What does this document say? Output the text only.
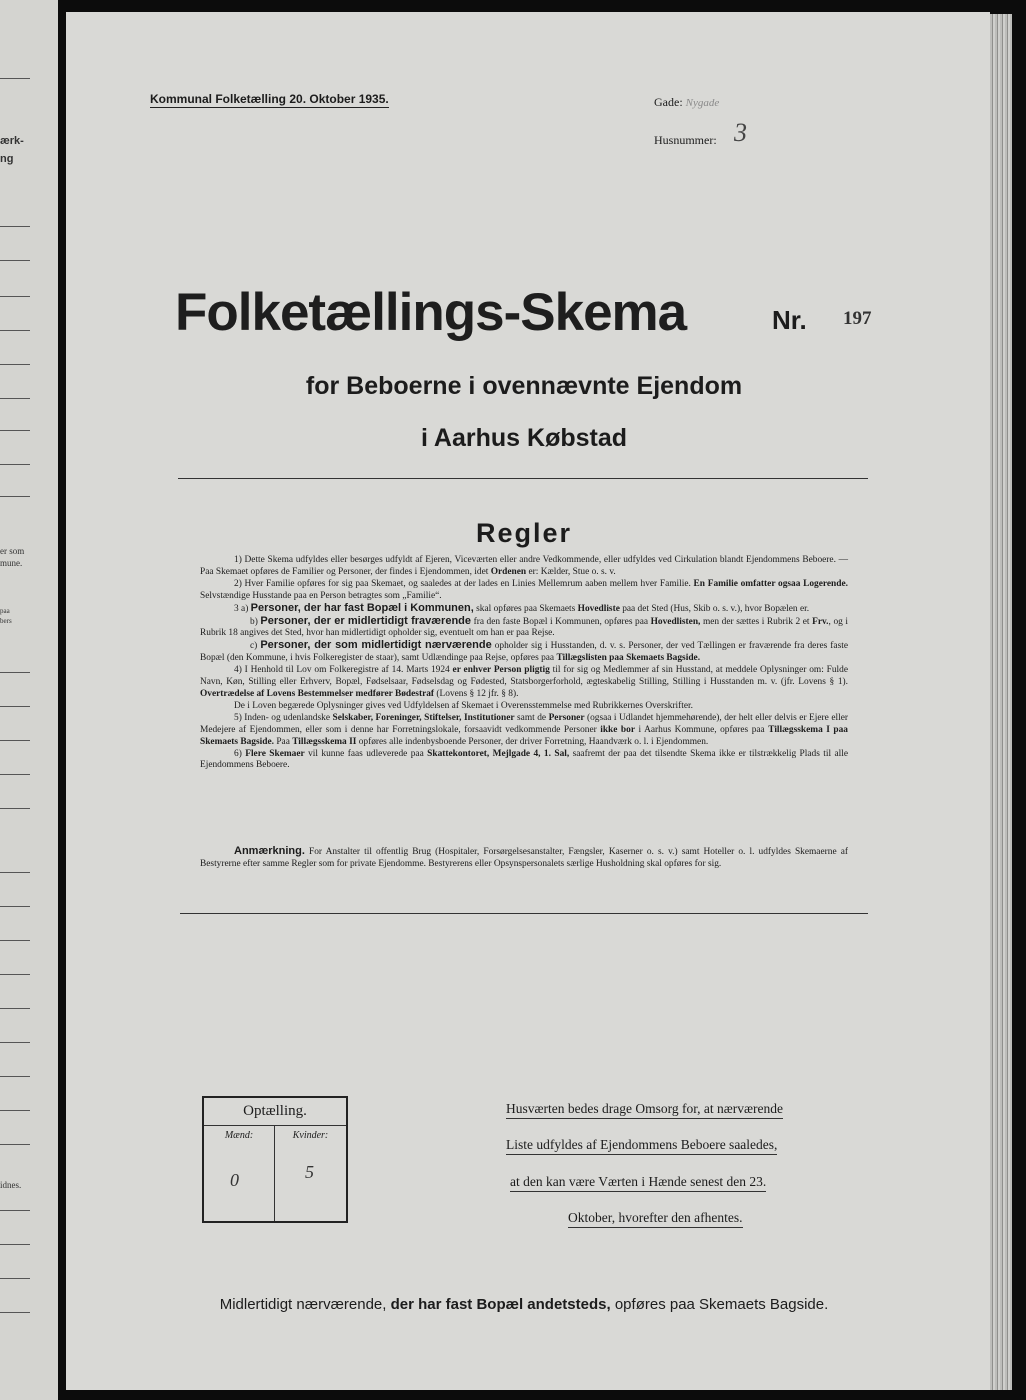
ærk-
ng
er som
mune.
paa
bers
idnes.
Kommunal Folketælling 20. Oktober 1935.	Gade: Nygade
Husnummer: 3
Folketællings-Skema	Nr. 197
for Beboerne i ovennævnte Ejendom
i Aarhus Købstad
Regler

1) Dette Skema udfyldes eller besørges udfyldt af Ejeren, Viceværten eller andre Vedkommende, eller udfyldes ved Cirkulation blandt Ejendommens Beboere. — Paa Skemaet opføres de Familier og Personer, der findes i Ejendommen, idet Ordenen er: Kælder, Stue o. s. v.

2) Hver Familie opføres for sig paa Skemaet, og saaledes at der lades en Linies Mellemrum aaben mellem hver Familie. En Familie omfatter ogsaa Logerende. Selvstændige Husstande paa en Person betragtes som „Familie“.

3 a) Personer, der har fast Bopæl i Kommunen, skal opføres paa Skemaets Hovedliste paa det Sted (Hus, Skib o. s. v.), hvor Bopælen er.

b) Personer, der er midlertidigt fraværende fra den faste Bopæl i Kommunen, opføres paa Hovedlisten, men der sættes i Rubrik 2 et Frv., og i Rubrik 18 angives det Sted, hvor han midlertidigt opholder sig, eventuelt om han er paa Rejse.

c) Personer, der som midlertidigt nærværende opholder sig i Husstanden, d. v. s. Personer, der ved Tællingen er fraværende fra deres faste Bopæl (den Kommune, i hvis Folkeregister de staar), samt Udlændinge paa Rejse, opføres paa Tillægslisten paa Skemaets Bagside.

4) I Henhold til Lov om Folkeregistre af 14. Marts 1924 er enhver Person pligtig til for sig og Medlemmer af sin Husstand, at meddele Oplysninger om: Fulde Navn, Køn, Stilling eller Erhverv, Bopæl, Fødselsaar, Fødselsdag og Fødested, Statsborgerforhold, ægteskabelig Stilling, Stilling i Husstanden m. v. (jfr. Lovens § 1). Overtrædelse af Lovens Bestemmelser medfører Bødestraf (Lovens § 12 jfr. § 8).

De i Loven begærede Oplysninger gives ved Udfyldelsen af Skemaet i Overensstemmelse med Rubrikkernes Overskrifter.

5) Inden- og udenlandske Selskaber, Foreninger, Stiftelser, Institutioner samt de Personer (ogsaa i Udlandet hjemmehørende), der helt eller delvis er Ejere eller Medejere af Ejendommen, eller som i denne har Forretningslokale, forsaavidt vedkommende Personer ikke bor i Aarhus Kommune, opføres paa Tillægsskema I paa Skemaets Bagside. Paa Tillægsskema II opføres alle indenbysboende Personer, der driver Forretning, Haandværk o. l. i Ejendommen.

6) Flere Skemaer vil kunne faas udleverede paa Skattekontoret, Mejlgade 4, 1. Sal, saafremt der paa det tilsendte Skema ikke er tilstrækkelig Plads til alle Ejendommens Beboere.

Anmærkning. For Anstalter til offentlig Brug (Hospitaler, Forsørgelsesanstalter, Fængsler, Kaserner o. s. v.) samt Hoteller o. l. udfyldes Skemaerne af Bestyrerne efter samme Regler som for private Ejendomme. Bestyrerens eller Opsynspersonalets særlige Husholdning skal opføres for sig.
Optælling.
Mænd:
0
Kvinder:
5
Husværten bedes drage Omsorg for, at nærværende
Liste udfyldes af Ejendommens Beboere saaledes,
at den kan være Værten i Hænde senest den 23.
Oktober, hvorefter den afhentes.
Midlertidigt nærværende, der har fast Bopæl andetsteds, opføres paa Skemaets Bagside.
